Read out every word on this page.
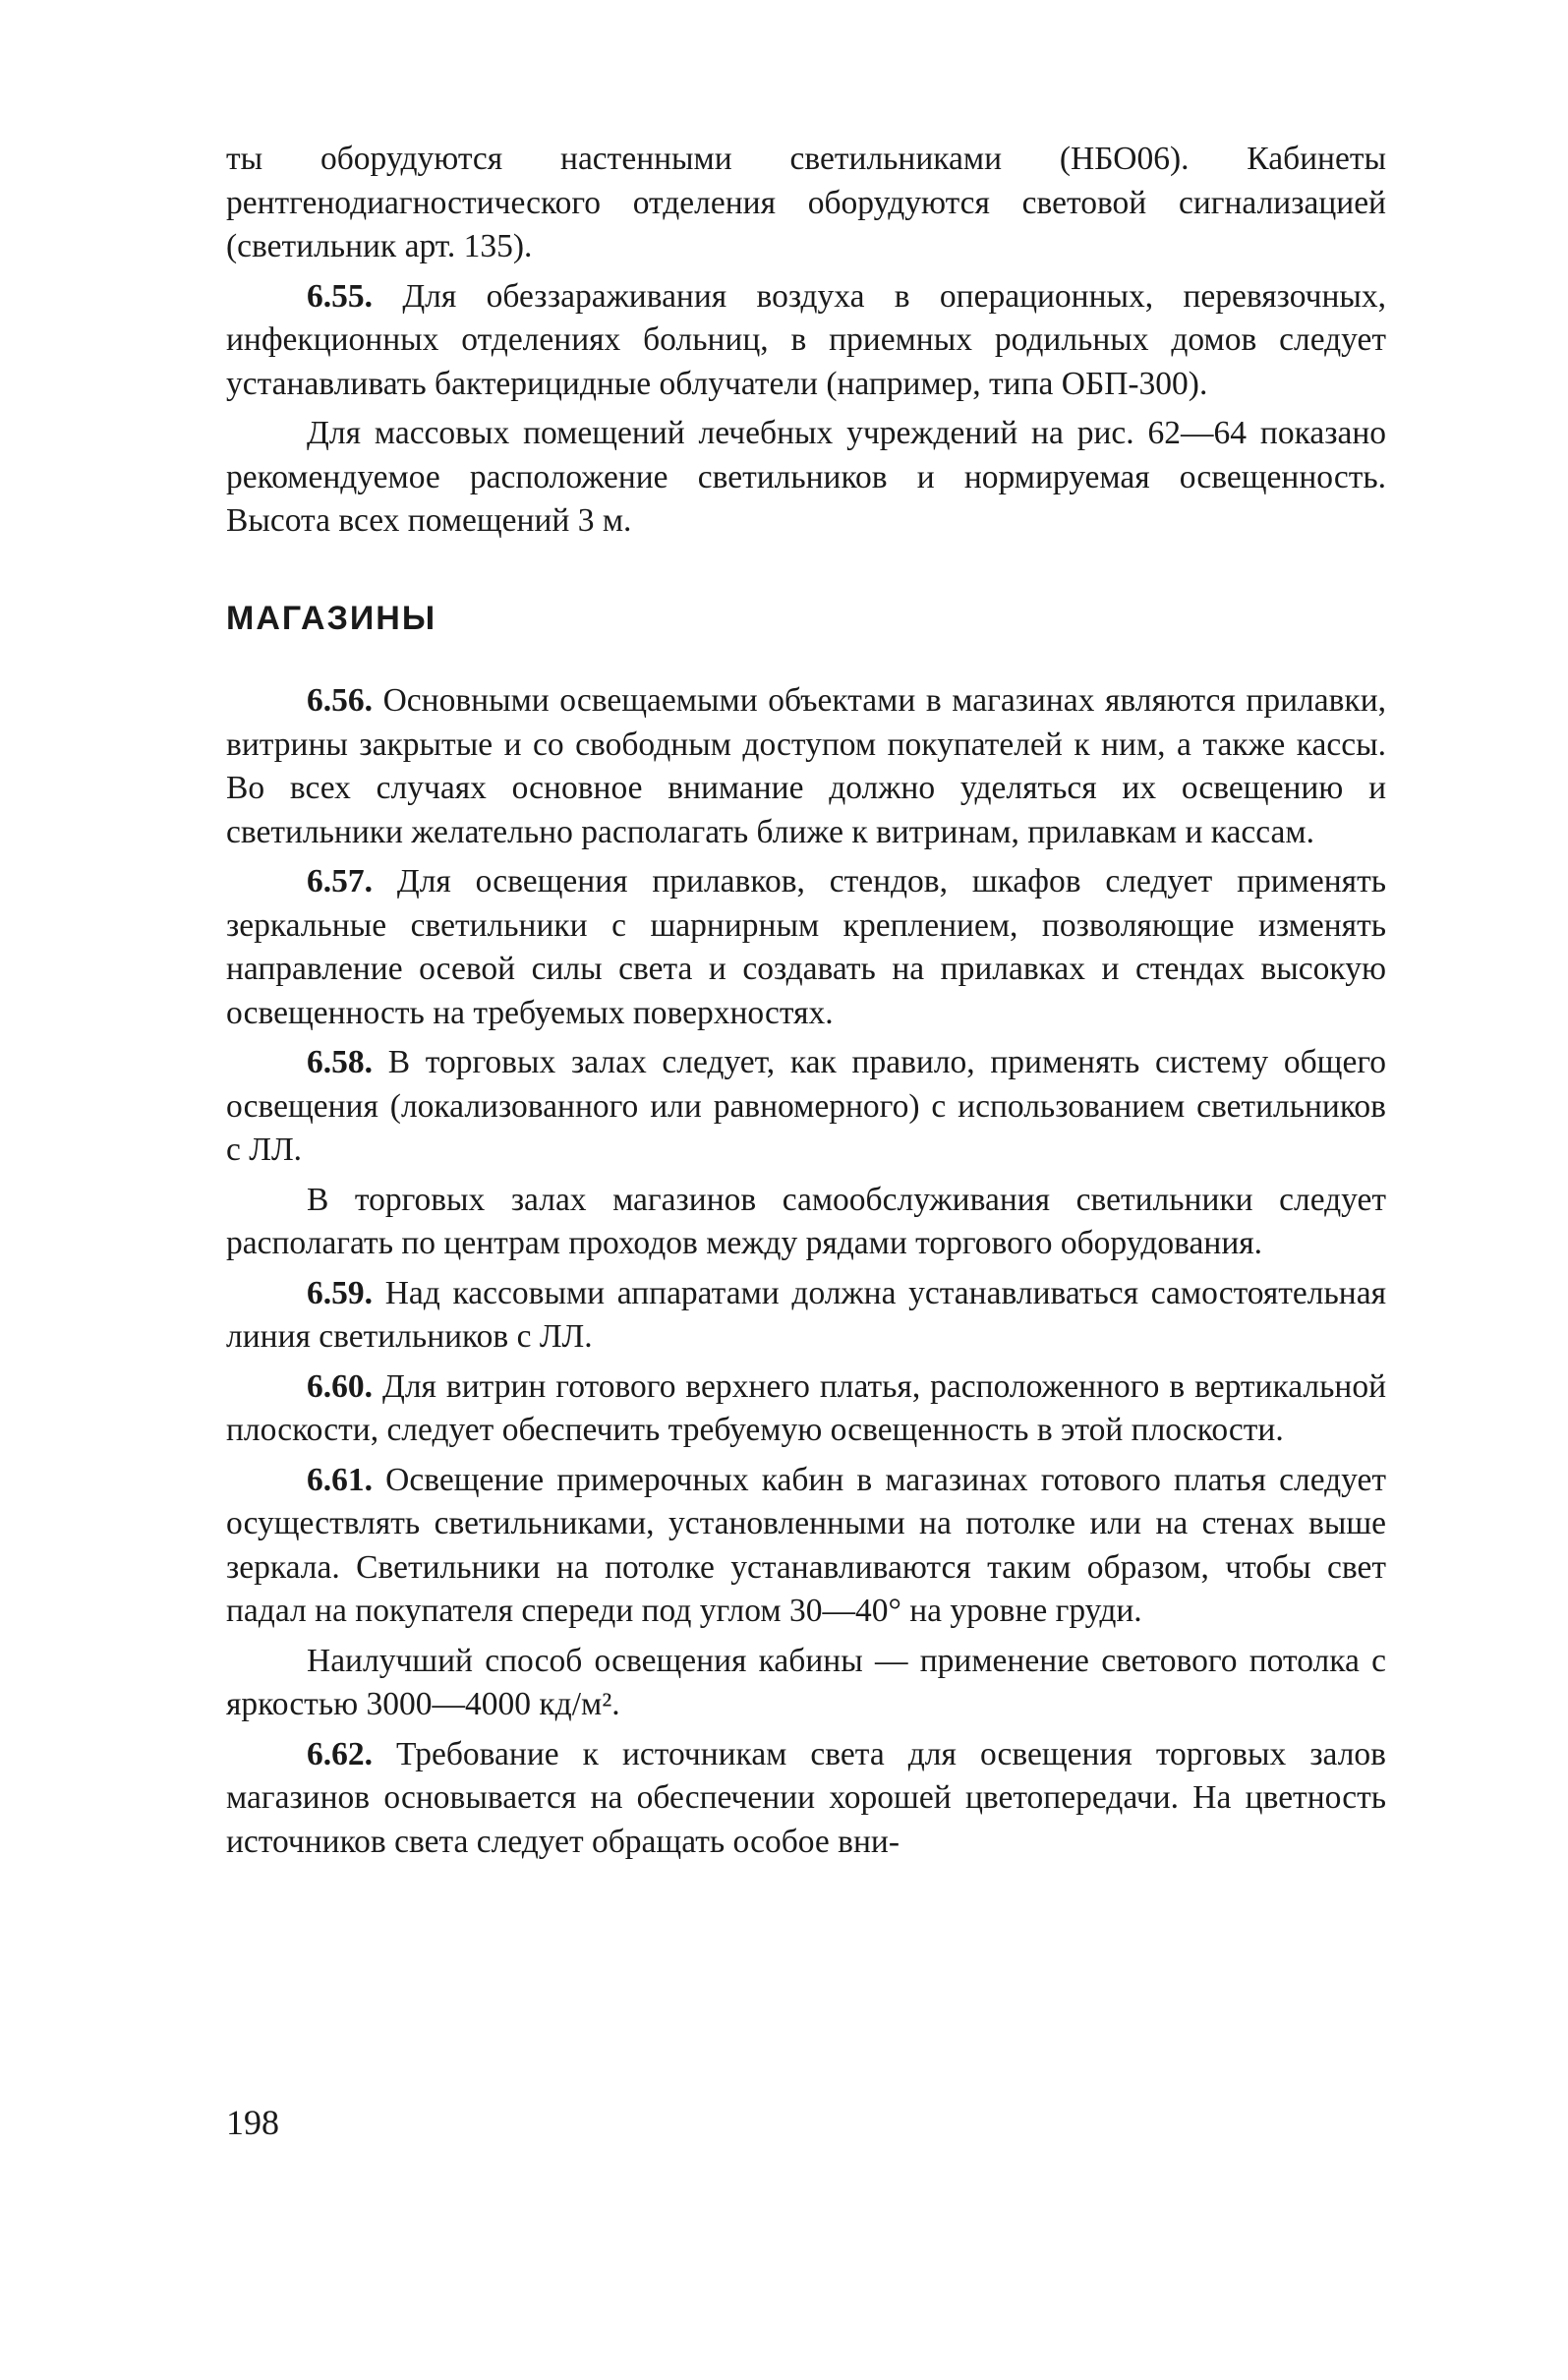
ты оборудуются настенными светильниками (НБО06). Кабинеты рентгенодиагностического отделения оборудуются световой сигнализацией (светильник арт. 135).

6.55. Для обеззараживания воздуха в операционных, перевязочных, инфекционных отделениях больниц, в приемных родильных домов следует устанавливать бактерицидные облучатели (например, типа ОБП-300).

Для массовых помещений лечебных учреждений на рис. 62—64 показано рекомендуемое расположение светильников и нормируемая освещенность. Высота всех помещений 3 м.

МАГАЗИНЫ

6.56. Основными освещаемыми объектами в магазинах являются прилавки, витрины закрытые и со свободным доступом покупателей к ним, а также кассы. Во всех случаях основное внимание должно уделяться их освещению и светильники желательно располагать ближе к витринам, прилавкам и кассам.

6.57. Для освещения прилавков, стендов, шкафов следует применять зеркальные светильники с шарнирным креплением, позволяющие изменять направление осевой силы света и создавать на прилавках и стендах высокую освещенность на требуемых поверхностях.

6.58. В торговых залах следует, как правило, применять систему общего освещения (локализованного или равномерного) с использованием светильников с ЛЛ.

В торговых залах магазинов самообслуживания светильники следует располагать по центрам проходов между рядами торгового оборудования.

6.59. Над кассовыми аппаратами должна устанавливаться самостоятельная линия светильников с ЛЛ.

6.60. Для витрин готового верхнего платья, расположенного в вертикальной плоскости, следует обеспечить требуемую освещенность в этой плоскости.

6.61. Освещение примерочных кабин в магазинах готового платья следует осуществлять светильниками, установленными на потолке или на стенах выше зеркала. Светильники на потолке устанавливаются таким образом, чтобы свет падал на покупателя спереди под углом 30—40° на уровне груди.

Наилучший способ освещения кабины — применение светового потолка с яркостью 3000—4000 кд/м².

6.62. Требование к источникам света для освещения торговых залов магазинов основывается на обеспечении хорошей цветопередачи. На цветность источников света следует обращать особое вни-

198
